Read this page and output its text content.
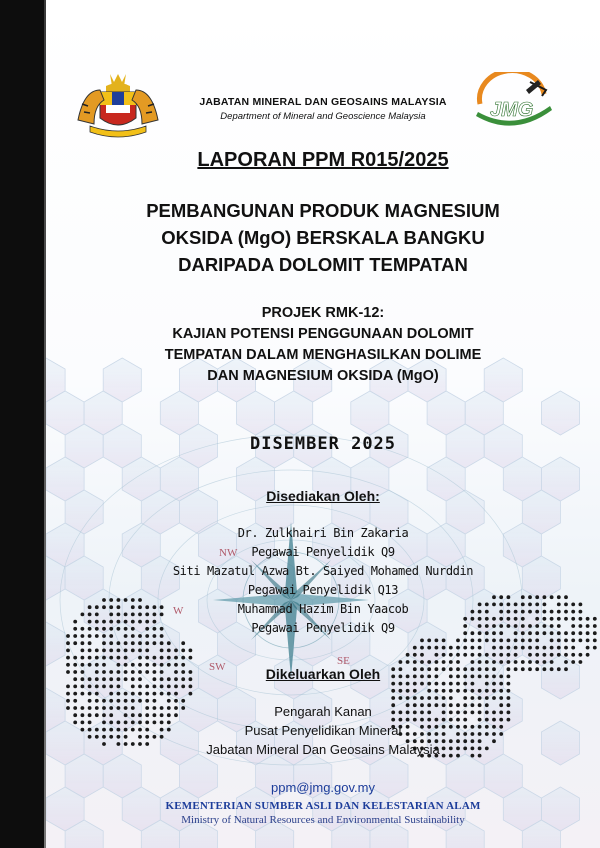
NW
W
SW	SE
JABATAN MINERAL DAN GEOSAINS MALAYSIA
Department of Mineral and Geoscience Malaysia	JMG
LAPORAN PPM R015/2025
PEMBANGUNAN PRODUK MAGNESIUM
OKSIDA (MgO) BERSKALA BANGKU
DARIPADA DOLOMIT TEMPATAN
PROJEK RMK-12:
KAJIAN POTENSI PENGGUNAAN DOLOMIT
TEMPATAN DALAM MENGHASILKAN DOLIME
DAN MAGNESIUM OKSIDA (MgO)
DISEMBER 2025
Disediakan Oleh:
Dr. Zulkhairi Bin Zakaria
Pegawai Penyelidik Q9
Siti Mazatul Azwa Bt. Saiyed Mohamed Nurddin
Pegawai Penyelidik Q13
Muhammad Hazim Bin Yaacob
Pegawai Penyelidik Q9
Dikeluarkan Oleh
Pengarah Kanan
Pusat Penyelidikan Mineral
Jabatan Mineral Dan Geosains Malaysia
ppm@jmg.gov.my
KEMENTERIAN SUMBER ASLI DAN KELESTARIAN ALAM
Ministry of Natural Resources and Environmental Sustainability
